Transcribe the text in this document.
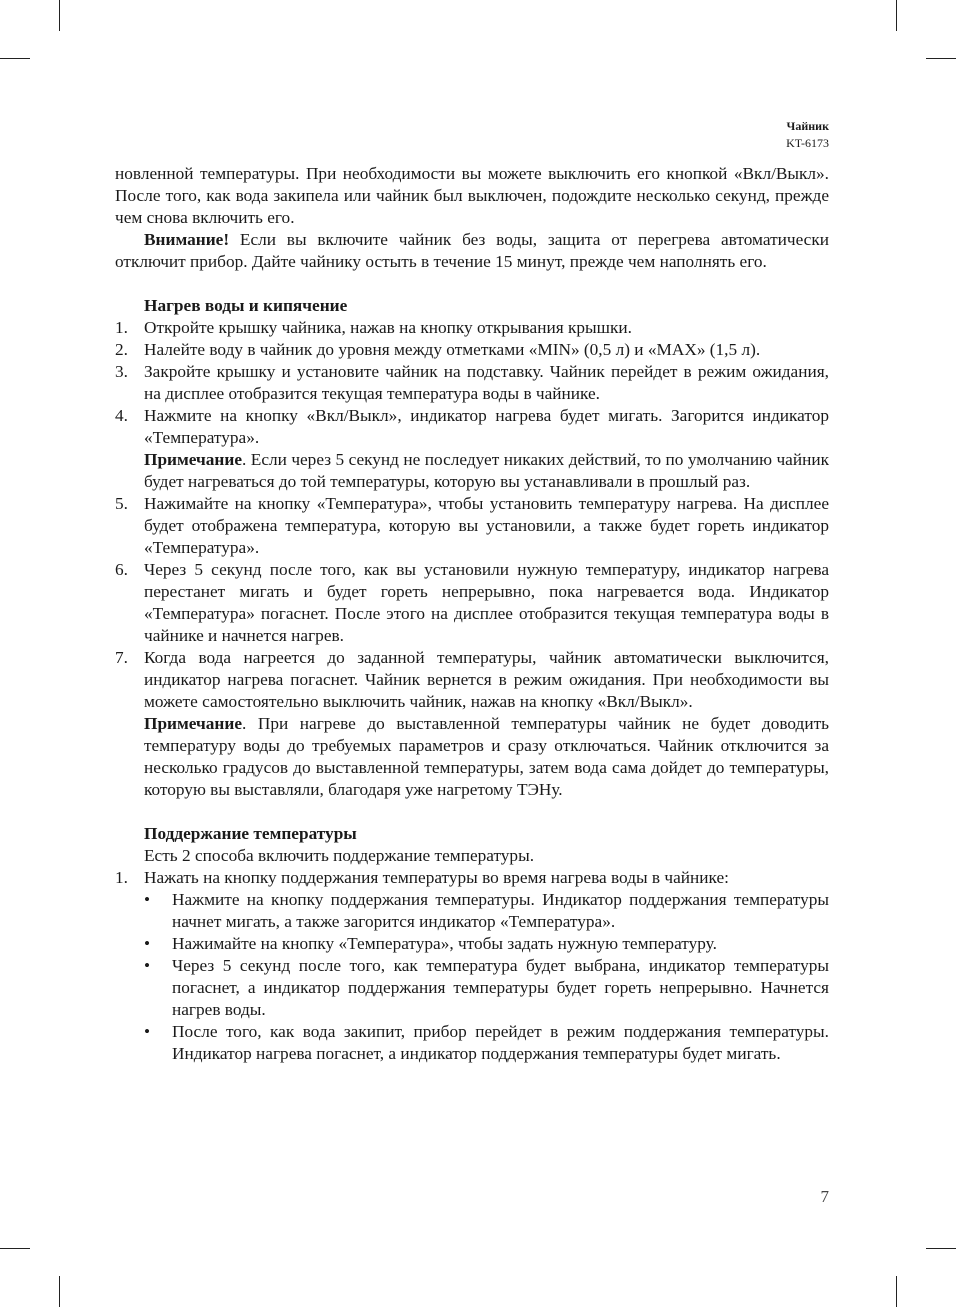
Чайник
KT-6173

новленной температуры. При необходимости вы можете выключить его кнопкой «Вкл/Выкл». После того, как вода закипела или чайник был выключен, подождите несколько секунд, прежде чем снова включить его.

Внимание! Если вы включите чайник без воды, защита от перегрева автоматически отключит прибор. Дайте чайнику остыть в течение 15 минут, прежде чем наполнять его.

Нагрев воды и кипячение

1. Откройте крышку чайника, нажав на кнопку открывания крышки.
2. Налейте воду в чайник до уровня между отметками «MIN» (0,5 л) и «MAX» (1,5 л).
3. Закройте крышку и установите чайник на подставку. Чайник перейдет в режим ожидания, на дисплее отобразится текущая температура воды в чайнике.
4. Нажмите на кнопку «Вкл/Выкл», индикатор нагрева будет мигать. Загорится индикатор «Температура».

Примечание. Если через 5 секунд не последует никаких действий, то по умолчанию чайник будет нагреваться до той температуры, которую вы устанавливали в прошлый раз.

5. Нажимайте на кнопку «Температура», чтобы установить температуру нагрева. На дисплее будет отображена температура, которую вы установили, а также будет гореть индикатор «Температура».
6. Через 5 секунд после того, как вы установили нужную температуру, индикатор нагрева перестанет мигать и будет гореть непрерывно, пока нагревается вода. Индикатор «Температура» погаснет. После этого на дисплее отобразится текущая температура воды в чайнике и начнется нагрев.
7. Когда вода нагреется до заданной температуры, чайник автоматически выключится, индикатор нагрева погаснет. Чайник вернется в режим ожидания. При необходимости вы можете самостоятельно выключить чайник, нажав на кнопку «Вкл/Выкл».

Примечание. При нагреве до выставленной температуры чайник не будет доводить температуру воды до требуемых параметров и сразу отключаться. Чайник отключится за несколько градусов до выставленной температуры, затем вода сама дойдет до температуры, которую вы выставляли, благодаря уже нагретому ТЭНу.

Поддержание температуры

Есть 2 способа включить поддержание температуры.

1. Нажать на кнопку поддержания температуры во время нагрева воды в чайнике:
• Нажмите на кнопку поддержания температуры. Индикатор поддержания температуры начнет мигать, а также загорится индикатор «Температура».
• Нажимайте на кнопку «Температура», чтобы задать нужную температуру.
• Через 5 секунд после того, как температура будет выбрана, индикатор температуры погаснет, а индикатор поддержания температуры будет гореть непрерывно. Начнется нагрев воды.
• После того, как вода закипит, прибор перейдет в режим поддержания температуры. Индикатор нагрева погаснет, а индикатор поддержания температуры будет мигать.
7
